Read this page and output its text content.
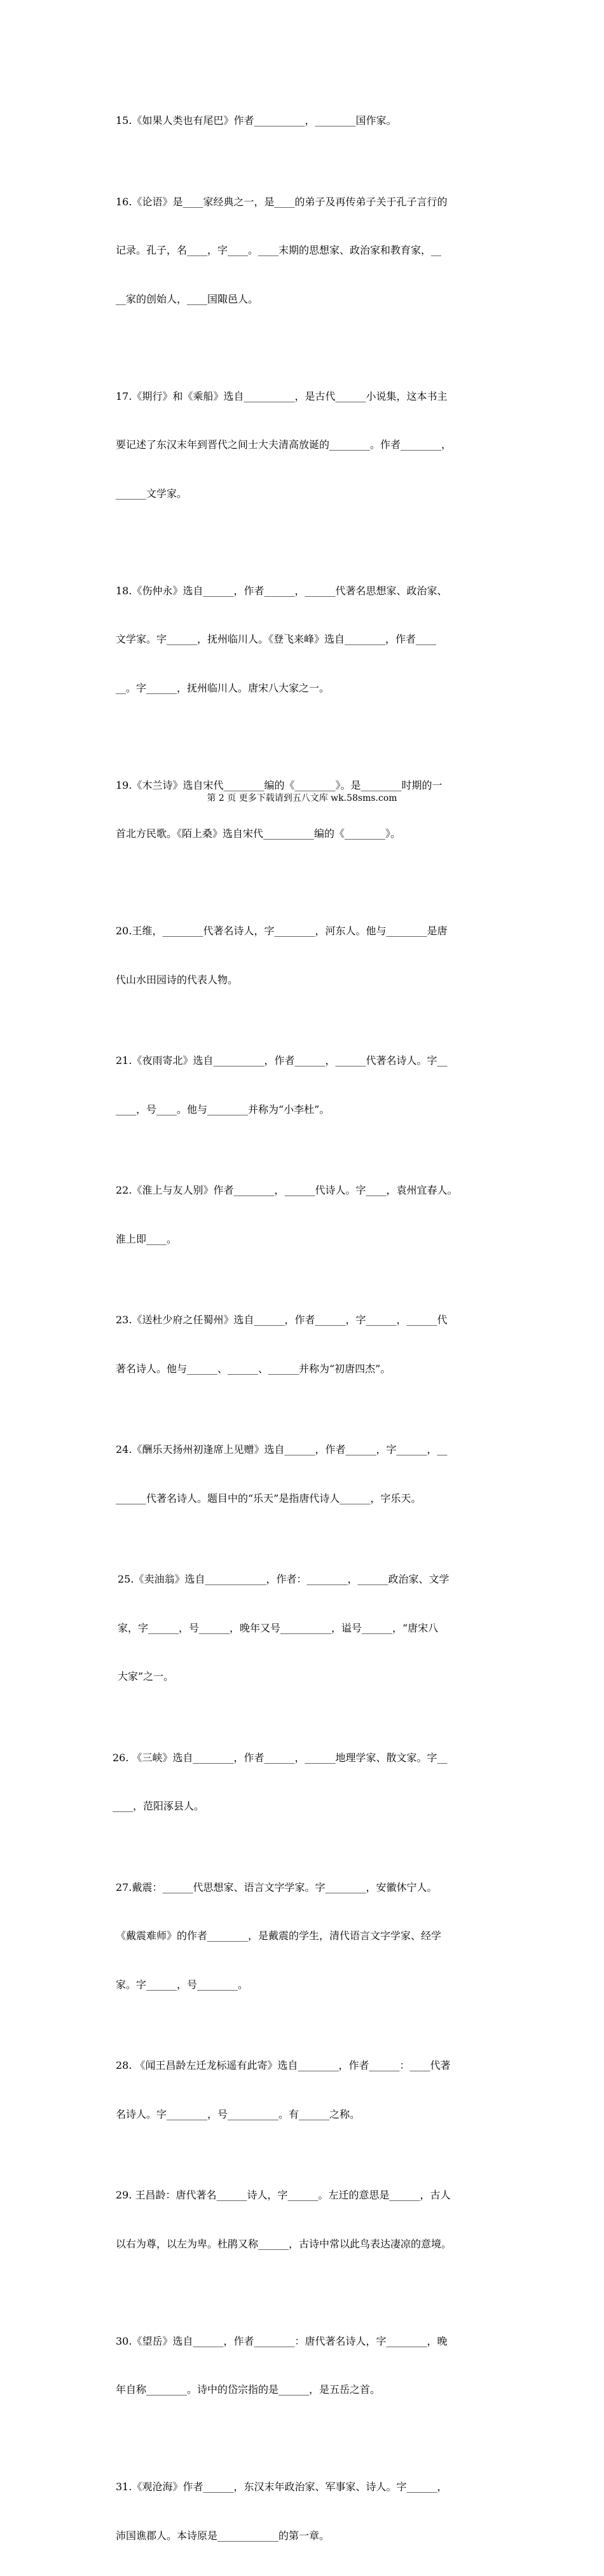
15.《如果人类也有尾巴》作者__________，________国作家。

16.《论语》是____家经典之一，是____的弟子及再传弟子关于孔子言行的

记录。孔子，名____，字____。____末期的思想家、政治家和教育家，__

__家的创始人，____国陬邑人。

17.《期行》和《乘船》选自__________，是古代______小说集，这本书主

要记述了东汉末年到晋代之间士大夫清高放诞的________。作者________，

______文学家。

18.《伤仲永》选自______，作者______，______代著名思想家、政治家、

文学家。字______，抚州临川人。《登飞来峰》选自________，作者____

__。字______，抚州临川人。唐宋八大家之一。

19.《木兰诗》选自宋代________编的《________》。是________时期的一

首北方民歌。《陌上桑》选自宋代__________编的《________》。

20.王维，________代著名诗人，字________，河东人。他与________是唐

代山水田园诗的代表人物。

21.《夜雨寄北》选自__________，作者______，______代著名诗人。字__

____，号____。他与________并称为“小李杜”。

22.《淮上与友人别》作者________，______代诗人。字____，袁州宜春人。

淮上即____。

23.《送杜少府之任蜀州》选自______，作者______，字______，______代

著名诗人。他与______、______、______并称为“初唐四杰”。

24.《酬乐天扬州初逢席上见赠》选自______，作者______，字______，__

______代著名诗人。题目中的“乐天”是指唐代诗人______，字乐天。

25.《卖油翁》选自____________，作者：________，______政治家、文学

家，字______，号______，晚年又号__________，谥号______，“唐宋八

大家”之一。

26. 《三峡》选自________，作者______，______地理学家、散文家。字__

____，范阳涿县人。

27.戴震：______代思想家、语言文字学家。字________，安徽休宁人。

《戴震难师》的作者________，是戴震的学生，清代语言文字学家、经学

家。字______，号________。

28. 《闻王昌龄左迁龙标遥有此寄》选自________，作者______：____代著

名诗人。字________，号__________。有______之称。

29. 王昌龄：唐代著名______诗人，字______。左迁的意思是______，古人

以右为尊，以左为卑。杜鹃又称______，古诗中常以此鸟表达凄凉的意境。

30.《望岳》选自______，作者________：唐代著名诗人，字________，晚

年自称________。诗中的岱宗指的是______，是五岳之首。

31.《观沧海》作者______，东汉末年政治家、军事家、诗人。字______，

沛国谯郡人。本诗原是____________的第一章。

第 2 页 更多下载请到五八文库 wk.58sms.com
